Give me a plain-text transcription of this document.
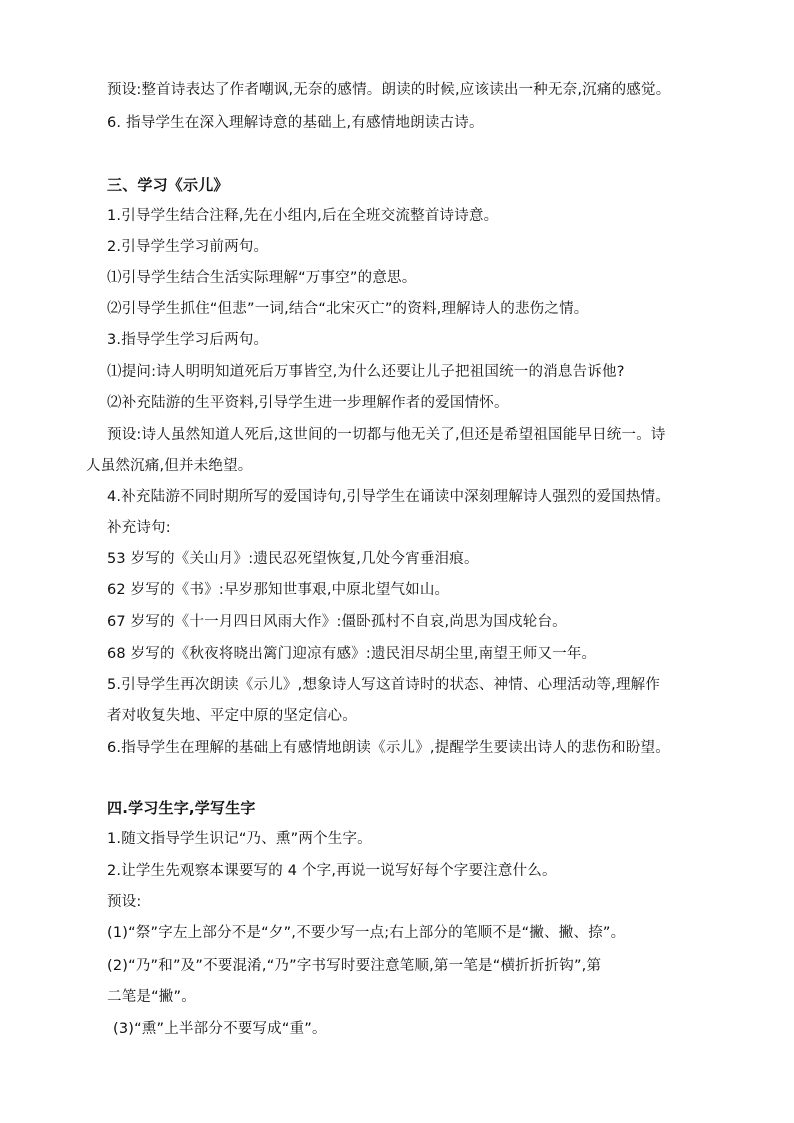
预设:整首诗表达了作者嘲讽,无奈的感情。朗读的时候,应该读出一种无奈,沉痛的感觉。
6. 指导学生在深入理解诗意的基础上,有感情地朗读古诗。
三、学习《示儿》
1.引导学生结合注释,先在小组内,后在全班交流整首诗诗意。
2.引导学生学习前两句。
⑴引导学生结合生活实际理解“万事空”的意思。
⑵引导学生抓住“但悲”一词,结合“北宋灭亡”的资料,理解诗人的悲伤之情。
3.指导学生学习后两句。
⑴提问:诗人明明知道死后万事皆空,为什么还要让儿子把祖国统一的消息告诉他?
⑵补充陆游的生平资料,引导学生进一步理解作者的爱国情怀。
预设:诗人虽然知道人死后,这世间的一切都与他无关了,但还是希望祖国能早日统一。诗
人虽然沉痛,但并未绝望。
4.补充陆游不同时期所写的爱国诗句,引导学生在诵读中深刻理解诗人强烈的爱国热情。
补充诗句:
53 岁写的《关山月》:遗民忍死望恢复,几处今宵垂泪痕。
62 岁写的《书》:早岁那知世事艰,中原北望气如山。
67 岁写的《十一月四日风雨大作》:僵卧孤村不自哀,尚思为国戍轮台。
68 岁写的《秋夜将晓出篱门迎凉有感》:遗民泪尽胡尘里,南望王师又一年。
5.引导学生再次朗读《示儿》,想象诗人写这首诗时的状态、神情、心理活动等,理解作
者对收复失地、平定中原的坚定信心。
6.指导学生在理解的基础上有感情地朗读《示儿》,提醒学生要读出诗人的悲伤和盼望。
四.学习生字,学写生字
1.随文指导学生识记“乃、熏”两个生字。
2.让学生先观察本课要写的 4 个字,再说一说写好每个字要注意什么。
预设:
(1)“祭”字左上部分不是“夕”,不要少写一点;右上部分的笔顺不是“撇、撇、捺”。
(2)“乃”和”及”不要混淆,“乃”字书写时要注意笔顺,第一笔是“横折折折钩”,第
二笔是“撇”。
(3)“熏”上半部分不要写成“重”。
